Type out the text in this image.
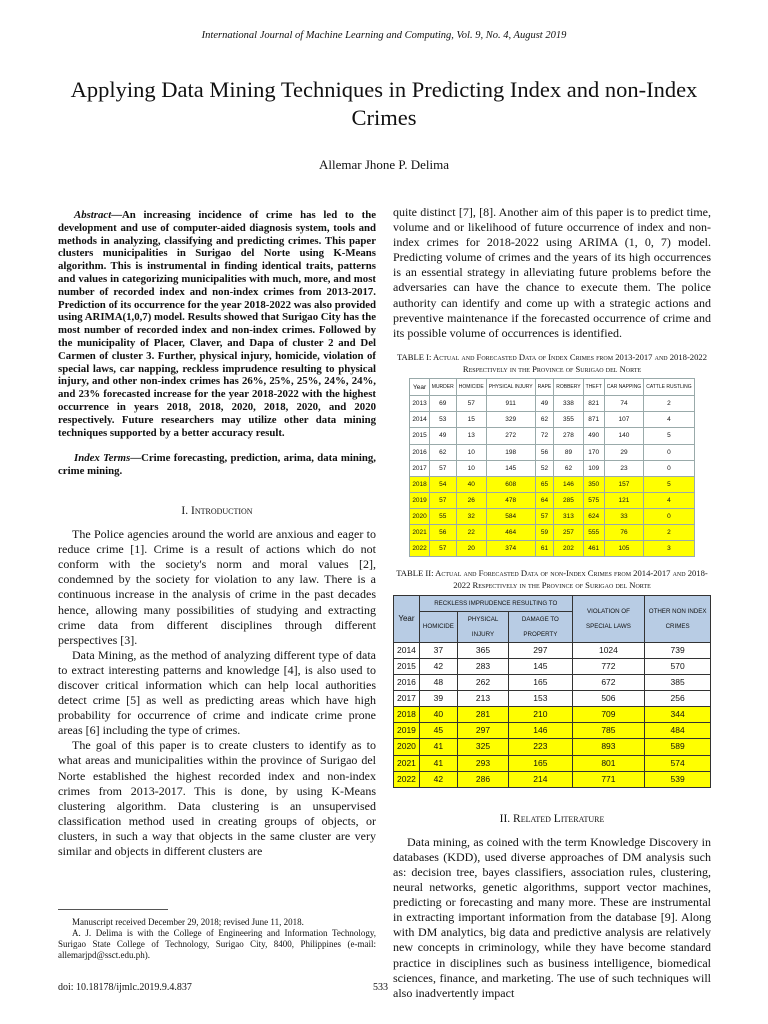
International Journal of Machine Learning and Computing, Vol. 9, No. 4, August 2019
Applying Data Mining Techniques in Predicting Index and non-Index Crimes
Allemar Jhone P. Delima

Abstract—An increasing incidence of crime has led to the development and use of computer-aided diagnosis system, tools and methods in analyzing, classifying and predicting crimes. This paper clusters municipalities in Surigao del Norte using K-Means algorithm. This is instrumental in finding identical traits, patterns and values in categorizing municipalities with much, more, and most number of recorded index and non-index crimes from 2013-2017. Prediction of its occurrence for the year 2018-2022 was also provided using ARIMA(1,0,7) model. Results showed that Surigao City has the most number of recorded index and non-index crimes. Followed by the municipality of Placer, Claver, and Dapa of cluster 2 and Del Carmen of cluster 3. Further, physical injury, homicide, violation of special laws, car napping, reckless imprudence resulting to physical injury, and other non-index crimes has 26%, 25%, 25%, 24%, 24%, and 23% forecasted increase for the year 2018-2022 with the highest occurrence in years 2018, 2018, 2020, 2018, 2020, and 2020 respectively. Future researchers may utilize other data mining techniques supported by a better accuracy result.

Index Terms—Crime forecasting, prediction, arima, data mining, crime mining.

I. Introduction

The Police agencies around the world are anxious and eager to reduce crime [1]. Crime is a result of actions which do not conform with the society's norm and moral values [2], condemned by the society for violation to any law. There is a continuous increase in the analysis of crime in the past decades hence, allowing many possibilities of studying and extracting crime data from different disciplines through different perspectives [3].

Data Mining, as the method of analyzing different type of data to extract interesting patterns and knowledge [4], is also used to discover critical information which can help local authorities detect crime [5] as well as predicting areas which have high probability for occurrence of crime and indicate crime prone areas [6] including the type of crimes.

The goal of this paper is to create clusters to identify as to what areas and municipalities within the province of Surigao del Norte established the highest recorded index and non-index crimes from 2013-2017. This is done, by using K-Means clustering algorithm. Data clustering is an unsupervised classification method used in creating groups of objects, or clusters, in such a way that objects in the same cluster are very similar and objects in different clusters are

Manuscript received December 29, 2018; revised June 11, 2018.

A. J. Delima is with the College of Engineering and Information Technology, Surigao State College of Technology, Surigao City, 8400, Philippines (e-mail: allemarjpd@ssct.edu.ph).

doi: 10.18178/ijmlc.2019.9.4.837	533

quite distinct [7], [8]. Another aim of this paper is to predict time, volume and or likelihood of future occurrence of index and non-index crimes for 2018-2022 using ARIMA (1, 0, 7) model. Predicting volume of crimes and the years of its high occurrences is an essential strategy in alleviating future problems before the adversaries can have the chance to execute them. The police authority can identify and come up with a strategic actions and preventive maintenance if the forecasted occurrence of crime and its possible volume of occurrences is identified.

TABLE I: Actual and Forecasted Data of Index Crimes from 2013-2017 and 2018-2022 Respectively in the Province of Surigao del Norte
Year	MURDER	HOMICIDE	PHYSICAL INJURY	RAPE	ROBBERY	THEFT	CAR NAPPING	CATTLE RUSTLING
2013	69	57	911	49	338	821	74	2
2014	53	15	329	62	355	871	107	4
2015	49	13	272	72	278	490	140	5
2016	62	10	198	56	89	170	29	0
2017	57	10	145	52	62	109	23	0
2018	54	40	608	65	146	350	157	5
2019	57	26	478	64	285	575	121	4
2020	55	32	584	57	313	624	33	0
2021	56	22	464	59	257	555	76	2
2022	57	20	374	61	202	461	105	3
TABLE II: Actual and Forecasted Data of non-Index Crimes from 2014-2017 and 2018-2022 Respectively in the Province of Surigao del Norte
Year	RECKLESS IMPRUDENCE RESULTING TO			VIOLATION OF SPECIAL LAWS	OTHER NON INDEX CRIMES
	HOMICIDE	PHYSICAL INJURY	DAMAGE TO PROPERTY		
2014	37	365	297	1024	739
2015	42	283	145	772	570
2016	48	262	165	672	385
2017	39	213	153	506	256
2018	40	281	210	709	344
2019	45	297	146	785	484
2020	41	325	223	893	589
2021	41	293	165	801	574
2022	42	286	214	771	539
II. Related Literature

Data mining, as coined with the term Knowledge Discovery in databases (KDD), used diverse approaches of DM analysis such as: decision tree, bayes classifiers, association rules, clustering, neural networks, genetic algorithms, support vector machines, predicting or forecasting and many more. These are instrumental in extracting important information from the database [9]. Along with DM analytics, big data and predictive analysis are relatively new concepts in criminology, while they have become standard practice in disciplines such as business intelligence, biomedical sciences, finance, and marketing. The use of such techniques will also inadvertently impact
